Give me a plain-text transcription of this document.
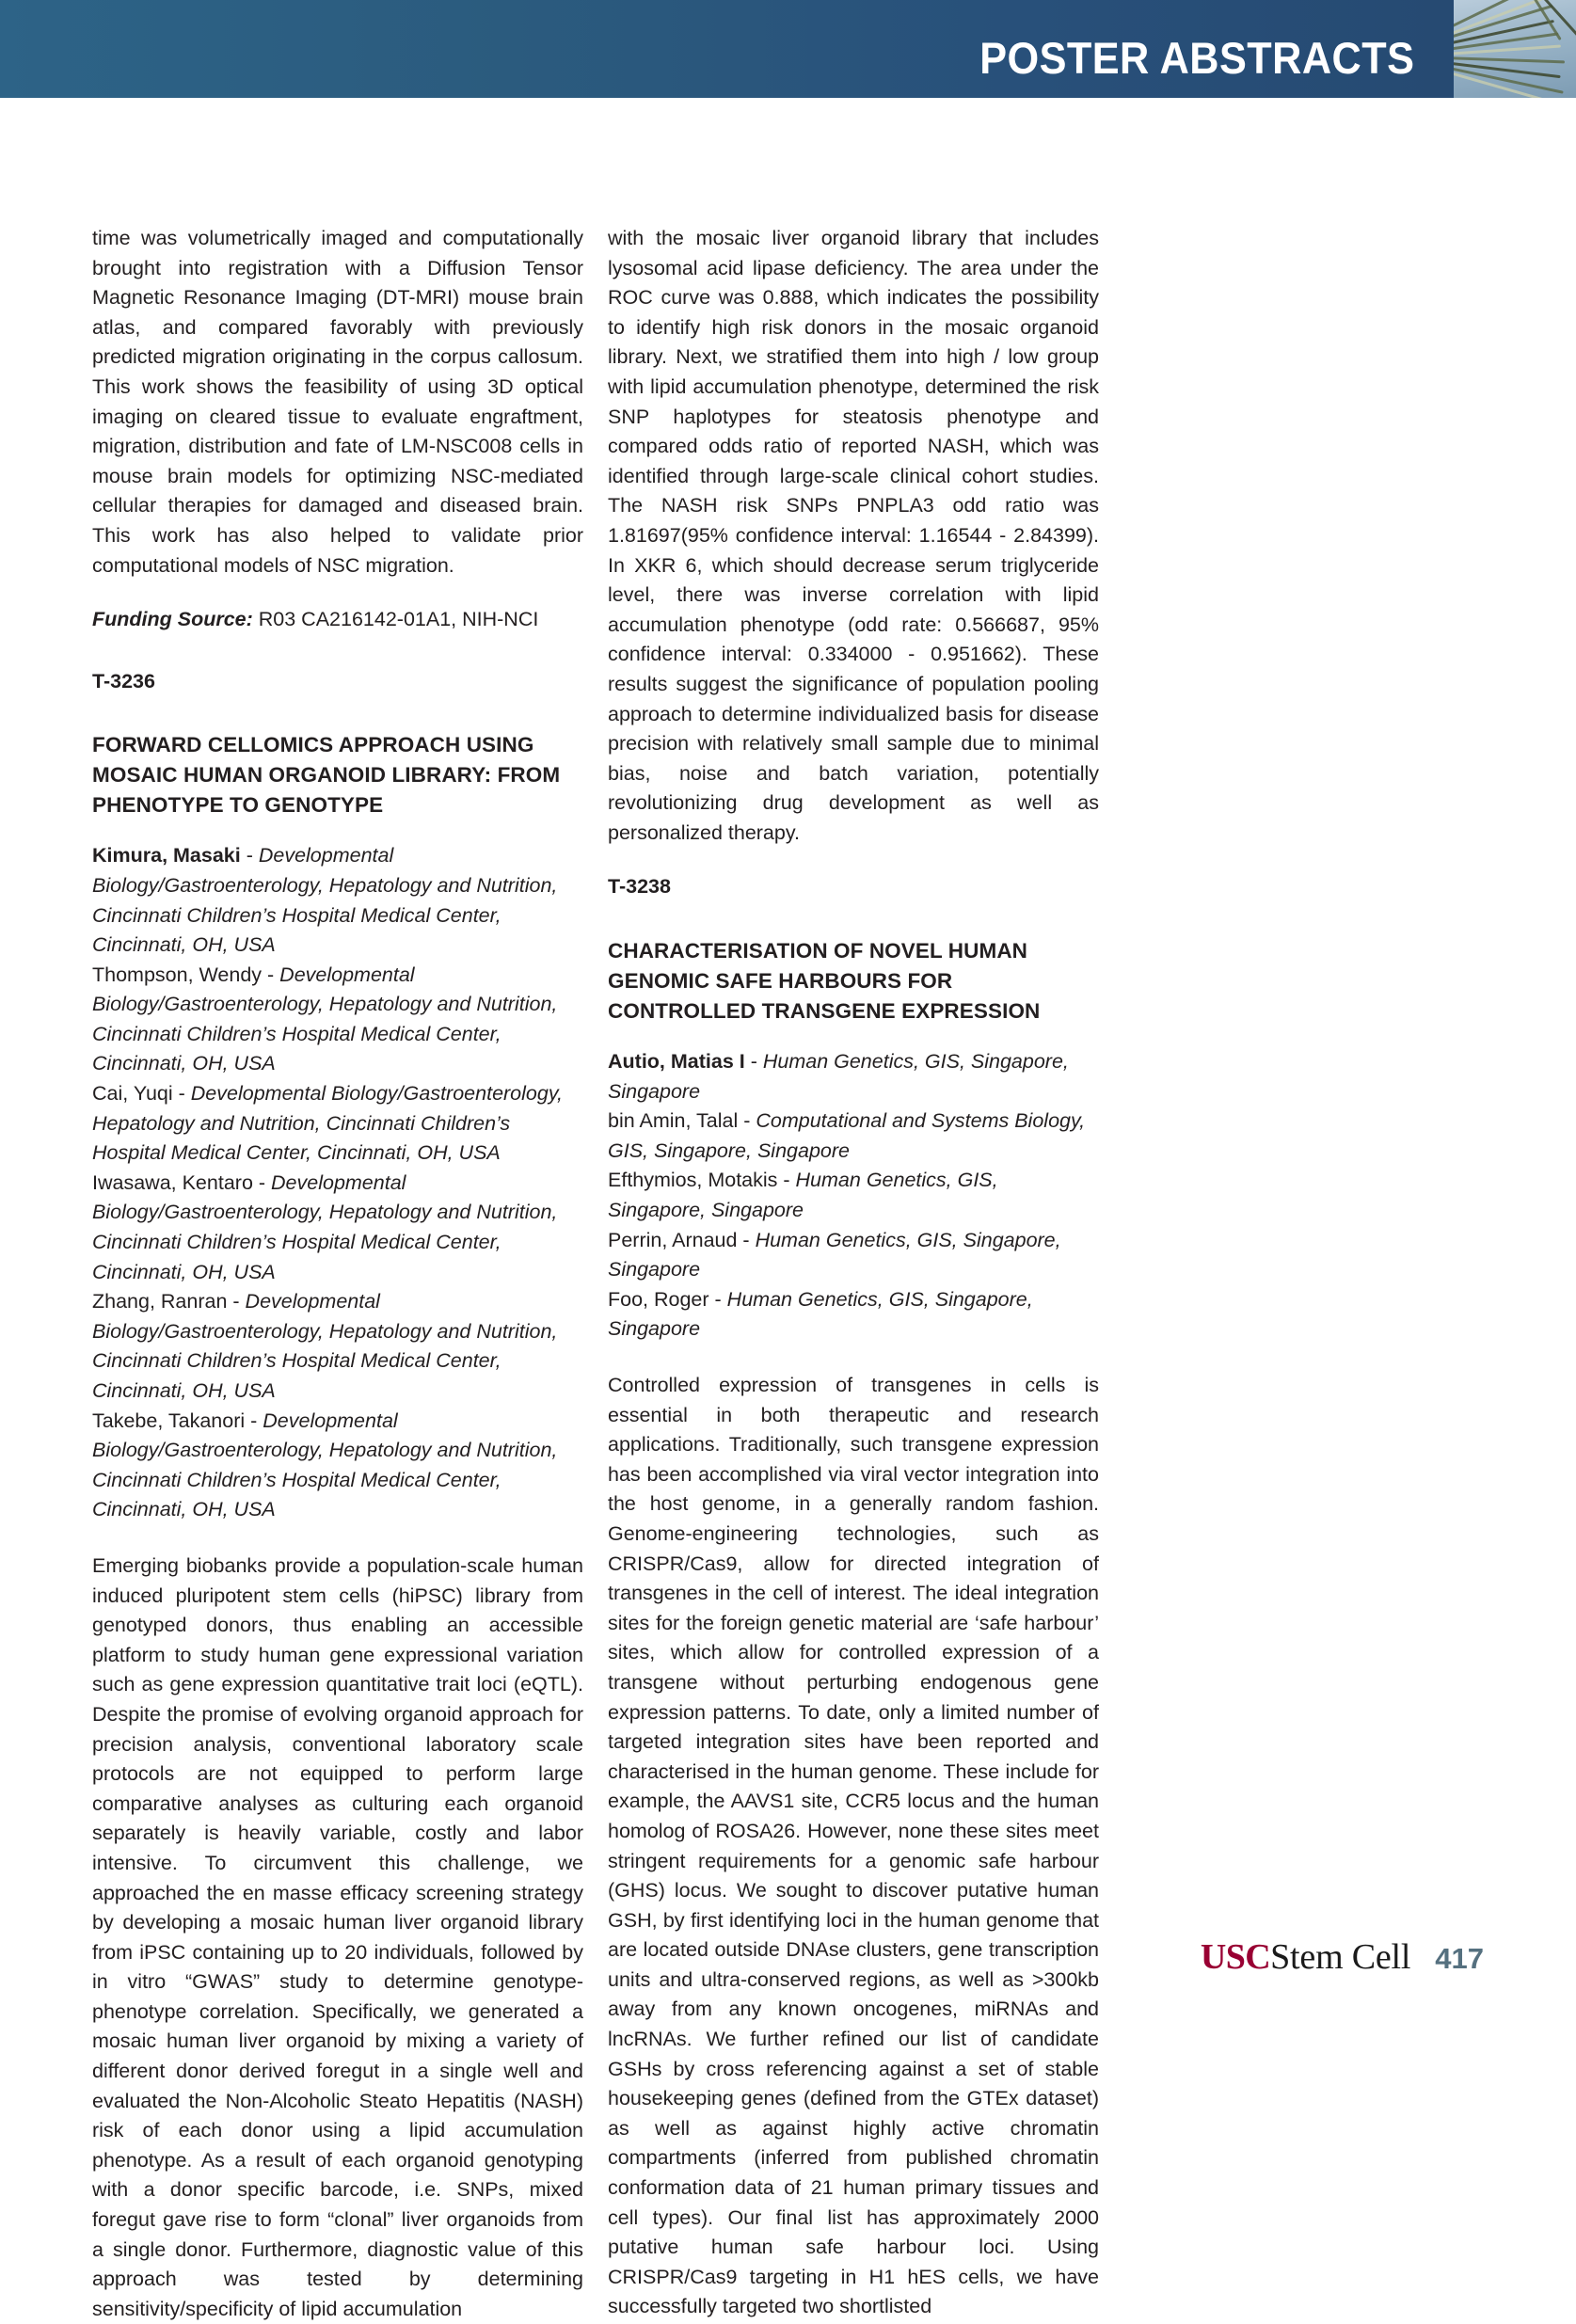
POSTER ABSTRACTS

time was volumetrically imaged and computationally brought into registration with a Diffusion Tensor Magnetic Resonance Imaging (DT-MRI) mouse brain atlas, and compared favorably with previously predicted migration originating in the corpus callosum. This work shows the feasibility of using 3D optical imaging on cleared tissue to evaluate engraftment, migration, distribution and fate of LM-NSC008 cells in mouse brain models for optimizing NSC-mediated cellular therapies for damaged and diseased brain. This work has also helped to validate prior computational models of NSC migration.

Funding Source: R03 CA216142-01A1, NIH-NCI

T-3236

FORWARD CELLOMICS APPROACH USING MOSAIC HUMAN ORGANOID LIBRARY: FROM PHENOTYPE TO GENOTYPE
Kimura, Masaki - Developmental Biology/Gastroenterology, Hepatology and Nutrition, Cincinnati Children’s Hospital Medical Center, Cincinnati, OH, USA
Thompson, Wendy - Developmental Biology/Gastroenterology, Hepatology and Nutrition, Cincinnati Children’s Hospital Medical Center, Cincinnati, OH, USA
Cai, Yuqi - Developmental Biology/Gastroenterology, Hepatology and Nutrition, Cincinnati Children’s Hospital Medical Center, Cincinnati, OH, USA
Iwasawa, Kentaro - Developmental Biology/Gastroenterology, Hepatology and Nutrition, Cincinnati Children’s Hospital Medical Center, Cincinnati, OH, USA
Zhang, Ranran - Developmental Biology/Gastroenterology, Hepatology and Nutrition, Cincinnati Children’s Hospital Medical Center, Cincinnati, OH, USA
Takebe, Takanori - Developmental Biology/Gastroenterology, Hepatology and Nutrition, Cincinnati Children’s Hospital Medical Center, Cincinnati, OH, USA

Emerging biobanks provide a population-scale human induced pluripotent stem cells (hiPSC) library from genotyped donors, thus enabling an accessible platform to study human gene expressional variation such as gene expression quantitative trait loci (eQTL). Despite the promise of evolving organoid approach for precision analysis, conventional laboratory scale protocols are not equipped to perform large comparative analyses as culturing each organoid separately is heavily variable, costly and labor intensive. To circumvent this challenge, we approached the en masse efficacy screening strategy by developing a mosaic human liver organoid library from iPSC containing up to 20 individuals, followed by in vitro “GWAS” study to determine genotype-phenotype correlation. Specifically, we generated a mosaic human liver organoid by mixing a variety of different donor derived foregut in a single well and evaluated the Non-Alcoholic Steato Hepatitis (NASH) risk of each donor using a lipid accumulation phenotype. As a result of each organoid genotyping with a donor specific barcode, i.e. SNPs, mixed foregut gave rise to form “clonal” liver organoids from a single donor. Furthermore, diagnostic value of this approach was tested by determining sensitivity/specificity of lipid accumulation

with the mosaic liver organoid library that includes lysosomal acid lipase deficiency. The area under the ROC curve was 0.888, which indicates the possibility to identify high risk donors in the mosaic organoid library. Next, we stratified them into high / low group with lipid accumulation phenotype, determined the risk SNP haplotypes for steatosis phenotype and compared odds ratio of reported NASH, which was identified through large-scale clinical cohort studies. The NASH risk SNPs PNPLA3 odd ratio was 1.81697(95% confidence interval: 1.16544 - 2.84399). In XKR 6, which should decrease serum triglyceride level, there was inverse correlation with lipid accumulation phenotype (odd rate: 0.566687, 95% confidence interval: 0.334000 - 0.951662). These results suggest the significance of population pooling approach to determine individualized basis for disease precision with relatively small sample due to minimal bias, noise and batch variation, potentially revolutionizing drug development as well as personalized therapy.

T-3238

CHARACTERISATION OF NOVEL HUMAN GENOMIC SAFE HARBOURS FOR CONTROLLED TRANSGENE EXPRESSION
Autio, Matias I - Human Genetics, GIS, Singapore, Singapore
bin Amin, Talal - Computational and Systems Biology, GIS, Singapore, Singapore
Efthymios, Motakis - Human Genetics, GIS, Singapore, Singapore
Perrin, Arnaud - Human Genetics, GIS, Singapore, Singapore
Foo, Roger - Human Genetics, GIS, Singapore, Singapore

Controlled expression of transgenes in cells is essential in both therapeutic and research applications. Traditionally, such transgene expression has been accomplished via viral vector integration into the host genome, in a generally random fashion. Genome-engineering technologies, such as CRISPR/Cas9, allow for directed integration of transgenes in the cell of interest. The ideal integration sites for the foreign genetic material are ‘safe harbour’ sites, which allow for controlled expression of a transgene without perturbing endogenous gene expression patterns. To date, only a limited number of targeted integration sites have been reported and characterised in the human genome. These include for example, the AAVS1 site, CCR5 locus and the human homolog of ROSA26. However, none these sites meet stringent requirements for a genomic safe harbour (GHS) locus. We sought to discover putative human GSH, by first identifying loci in the human genome that are located outside DNAse clusters, gene transcription units and ultra-conserved regions, as well as >300kb away from any known oncogenes, miRNAs and lncRNAs. We further refined our list of candidate GSHs by cross referencing against a set of stable housekeeping genes (defined from the GTEx dataset) as well as against highly active chromatin compartments (inferred from published chromatin conformation data of 21 human primary tissues and cell types). Our final list has approximately 2000 putative human safe harbour loci. Using CRISPR/Cas9 targeting in H1 hES cells, we have successfully targeted two shortlisted

USCStem Cell 417
